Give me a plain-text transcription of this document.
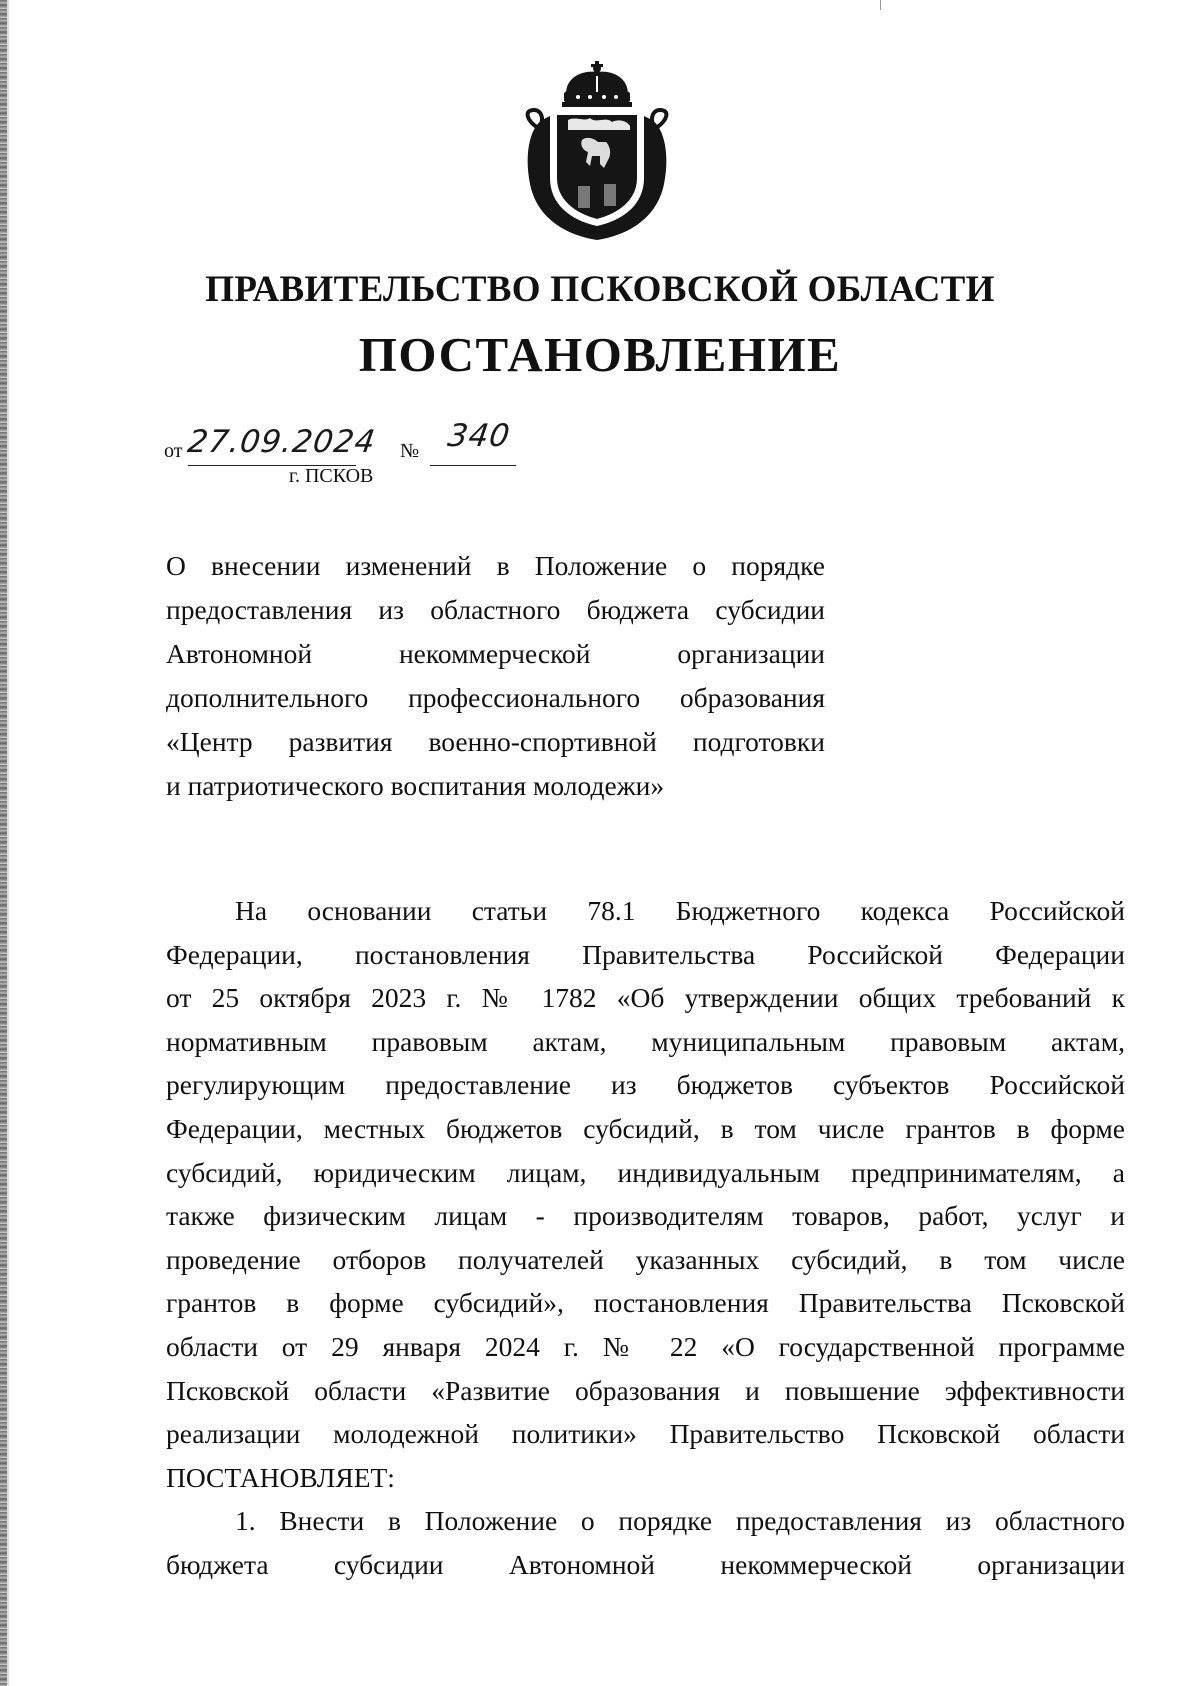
ПРАВИТЕЛЬСТВО ПСКОВСКОЙ ОБЛАСТИ
ПОСТАНОВЛЕНИЕ
от 27.09.2024 № 340
г. ПСКОВ
О внесении изменений в Положение о порядке
предоставления из областного бюджета субсидии
Автономной некоммерческой организации
дополнительного профессионального образования
«Центр развития военно-спортивной подготовки
и патриотического воспитания молодежи»
На основании статьи 78.1 Бюджетного кодекса Российской
Федерации, постановления Правительства Российской Федерации
от 25 октября 2023 г. № 1782 «Об утверждении общих требований к
нормативным правовым актам, муниципальным правовым актам,
регулирующим предоставление из бюджетов субъектов Российской
Федерации, местных бюджетов субсидий, в том числе грантов в форме
субсидий, юридическим лицам, индивидуальным предпринимателям, а
также физическим лицам - производителям товаров, работ, услуг и
проведение отборов получателей указанных субсидий, в том числе
грантов в форме субсидий», постановления Правительства Псковской
области от 29 января 2024 г. № 22 «О государственной программе
Псковской области «Развитие образования и повышение эффективности
реализации молодежной политики» Правительство Псковской области
ПОСТАНОВЛЯЕТ:
1. Внести в Положение о порядке предоставления из областного
бюджета субсидии Автономной некоммерческой организации
